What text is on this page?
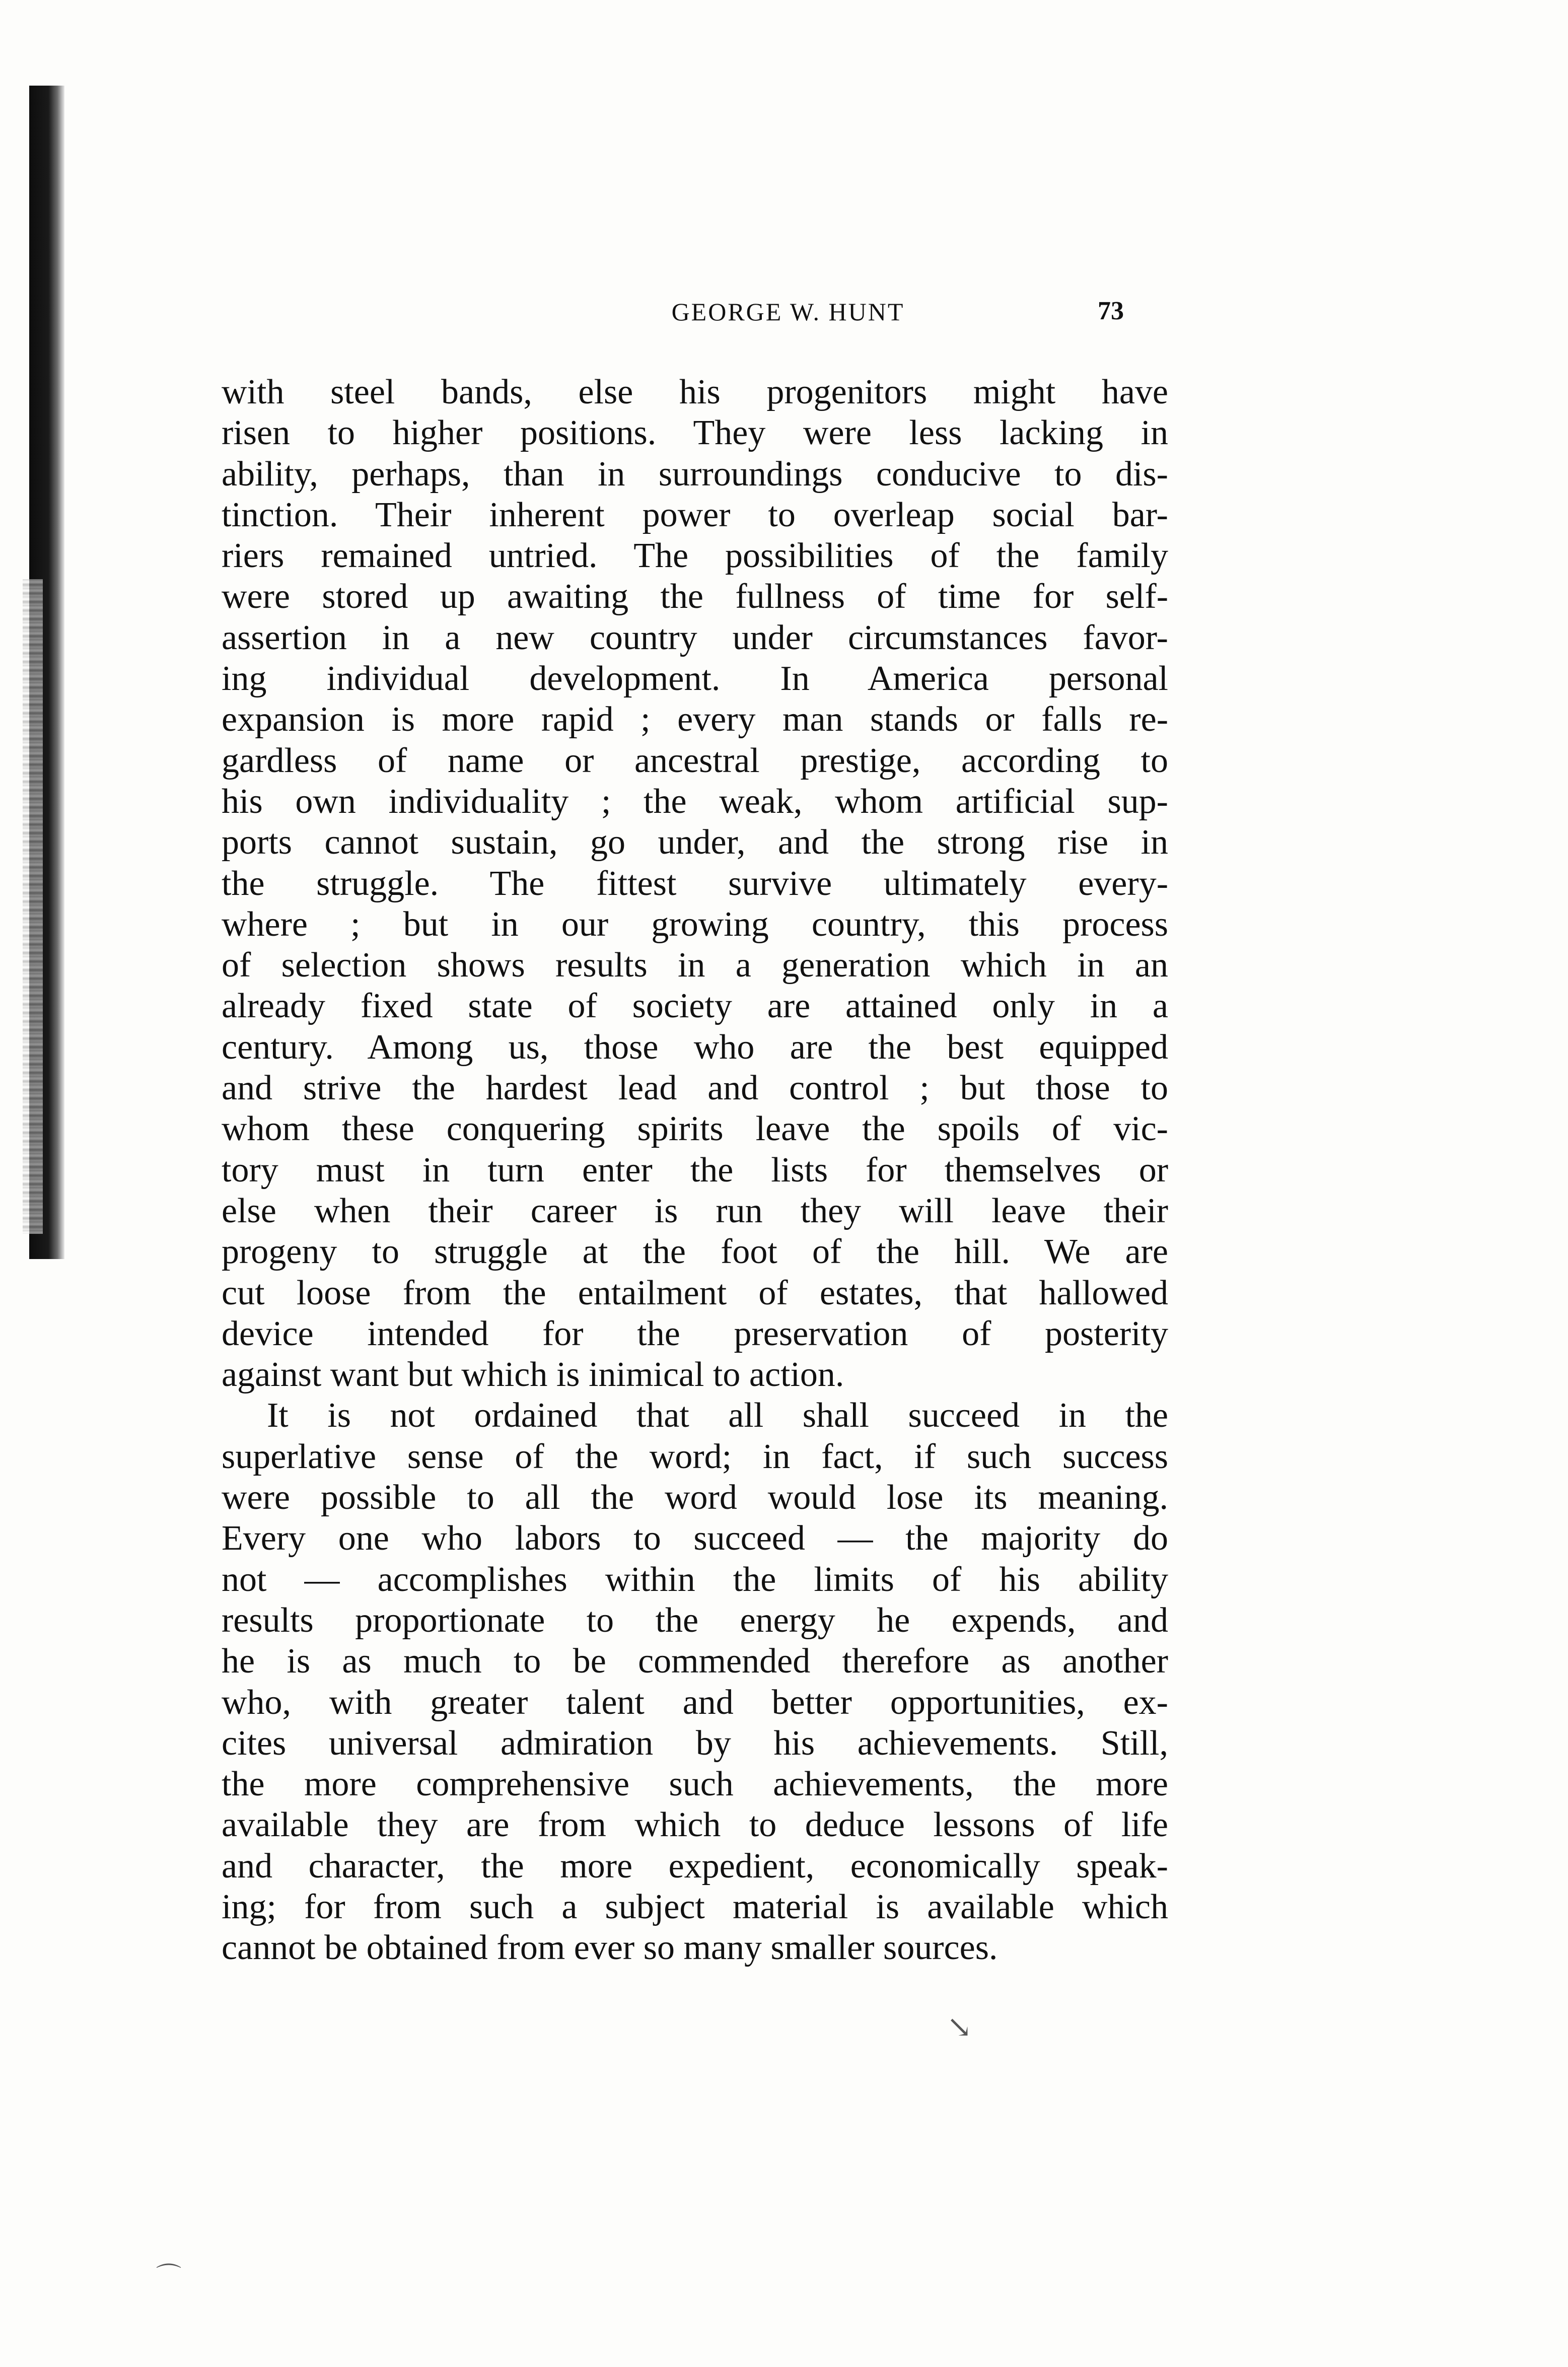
GEORGE W. HUNT	73
with steel bands, else his progenitors might have
risen to higher positions. They were less lacking in
ability, perhaps, than in surroundings conducive to dis-
tinction. Their inherent power to overleap social bar-
riers remained untried. The possibilities of the family
were stored up awaiting the fullness of time for self-
assertion in a new country under circumstances favor-
ing individual development. In America personal
expansion is more rapid ; every man stands or falls re-
gardless of name or ancestral prestige, according to
his own individuality ; the weak, whom artificial sup-
ports cannot sustain, go under, and the strong rise in
the struggle. The fittest survive ultimately every-
where ; but in our growing country, this process
of selection shows results in a generation which in an
already fixed state of society are attained only in a
century. Among us, those who are the best equipped
and strive the hardest lead and control ; but those to
whom these conquering spirits leave the spoils of vic-
tory must in turn enter the lists for themselves or
else when their career is run they will leave their
progeny to struggle at the foot of the hill. We are
cut loose from the entailment of estates, that hallowed
device intended for the preservation of posterity
against want but which is inimical to action.
It is not ordained that all shall succeed in the
superlative sense of the word; in fact, if such success
were possible to all the word would lose its meaning.
Every one who labors to succeed — the majority do
not — accomplishes within the limits of his ability
results proportionate to the energy he expends, and
he is as much to be commended therefore as another
who, with greater talent and better opportunities, ex-
cites universal admiration by his achievements. Still,
the more comprehensive such achievements, the more
available they are from which to deduce lessons of life
and character, the more expedient, economically speak-
ing; for from such a subject material is available which
cannot be obtained from ever so many smaller sources.
↘
⌒
